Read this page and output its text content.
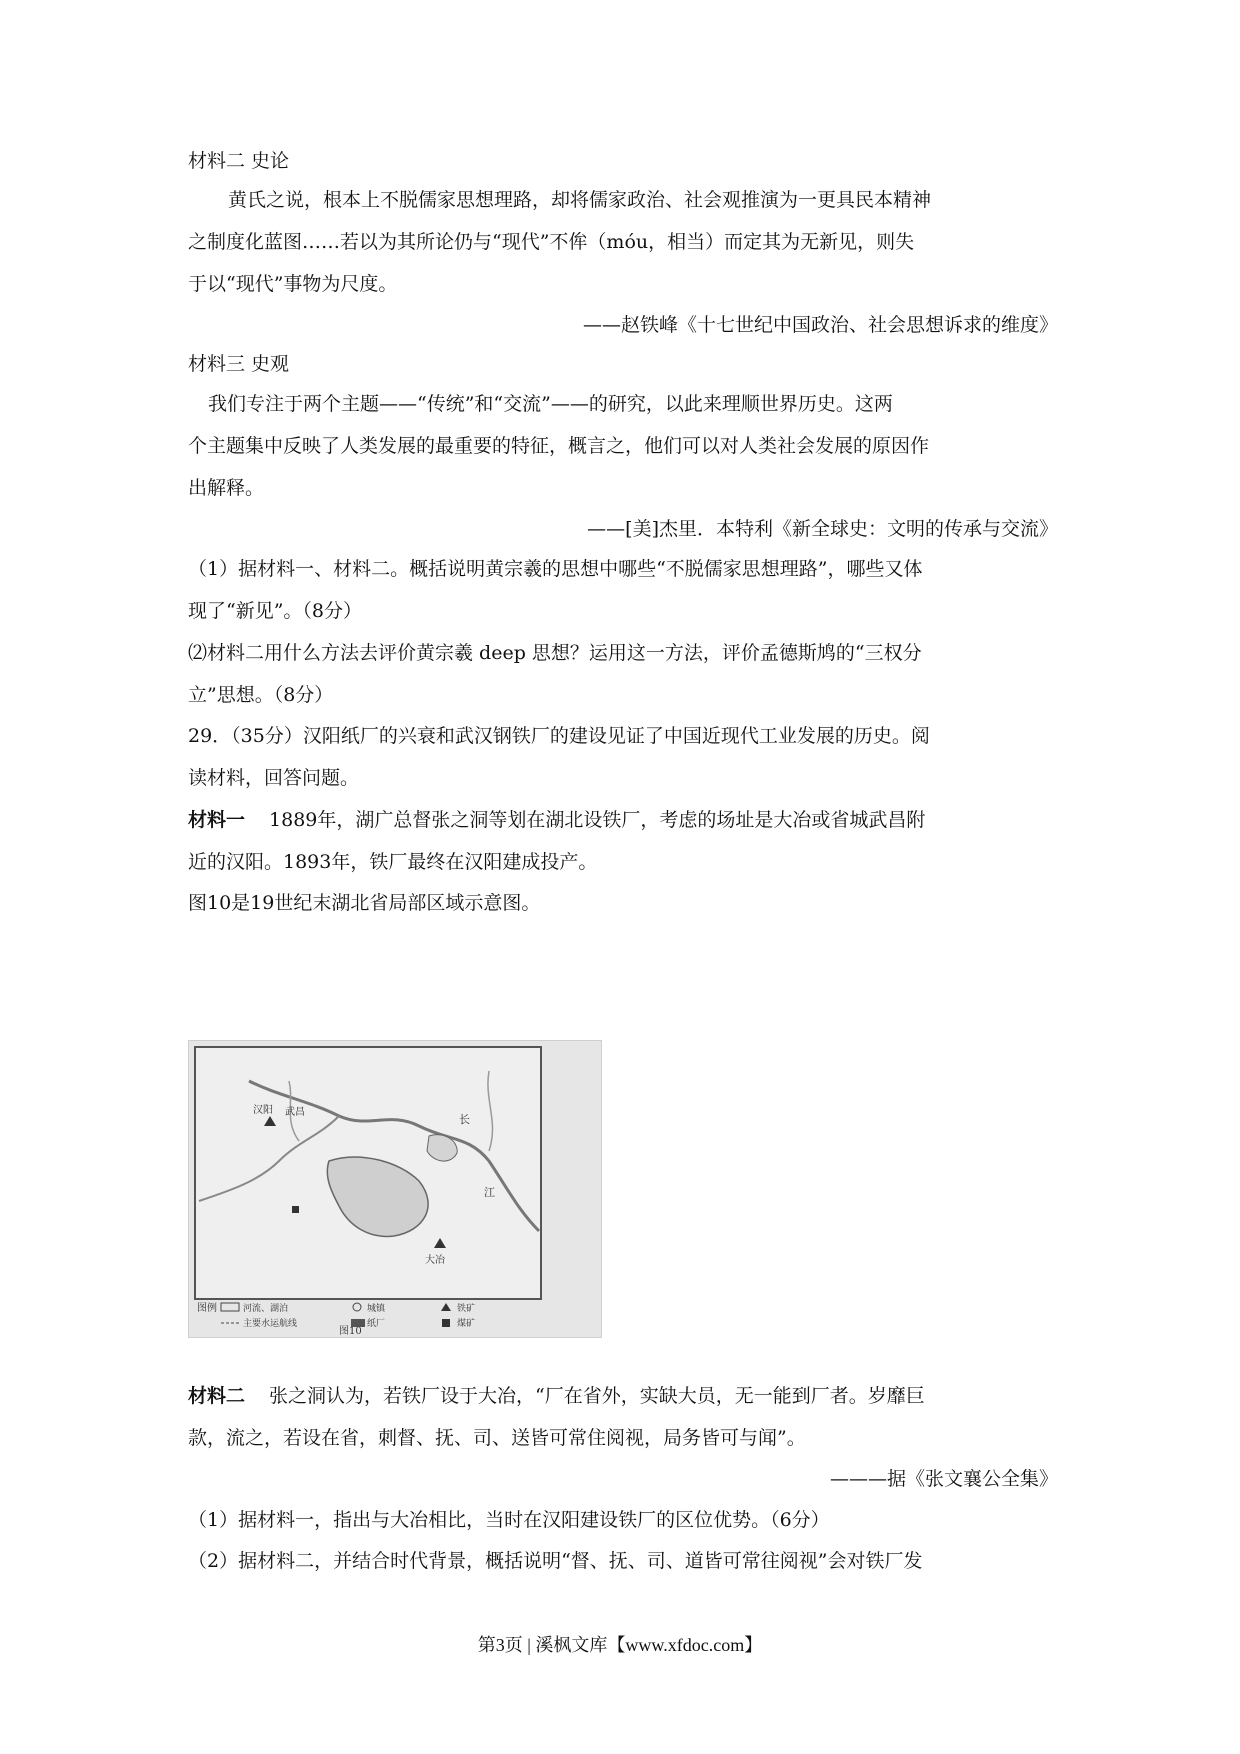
材料二 史论
黄氏之说，根本上不脱儒家思想理路，却将儒家政治、社会观推演为一更具民本精神
之制度化蓝图……若以为其所论仍与“现代”不侔（móu，相当）而定其为无新见，则失
于以“现代”事物为尺度。
——赵铁峰《十七世纪中国政治、社会思想诉求的维度》
材料三 史观
我们专注于两个主题——“传统”和“交流”——的研究，以此来理顺世界历史。这两
个主题集中反映了人类发展的最重要的特征，概言之，他们可以对人类社会发展的原因作
出解释。
——[美]杰里．本特利《新全球史：文明的传承与交流》
（1）据材料一、材料二。概括说明黄宗羲的思想中哪些“不脱儒家思想理路”，哪些又体
现了“新见”。（8分）
⑵材料二用什么方法去评价黄宗羲 deep 思想？运用这一方法，评价孟德斯鸠的“三权分
立”思想。（8分）
29．（35分）汉阳纸厂的兴衰和武汉钢铁厂的建设见证了中国近现代工业发展的历史。阅
读材料，回答问题。
材料一 1889年，湖广总督张之洞等划在湖北设铁厂，考虑的场址是大冶或省城武昌附
近的汉阳。1893年，铁厂最终在汉阳建成投产。
图10是19世纪末湖北省局部区域示意图。
汉阳 武昌
大冶
长
江
图例	河流、湖泊
主要水运航线
城镇
纸厂
铁矿
煤矿
图10
材料二 张之洞认为，若铁厂设于大冶，“厂在省外，实缺大员，无一能到厂者。岁靡巨
款，流之，若设在省，刺督、抚、司、送皆可常住阅视，局务皆可与闻”。
———据《张文襄公全集》
（1）据材料一，指出与大冶相比，当时在汉阳建设铁厂的区位优势。（6分）
（2）据材料二，并结合时代背景，概括说明“督、抚、司、道皆可常往阅视”会对铁厂发
第3页 | 溪枫文库【www.xfdoc.com】
